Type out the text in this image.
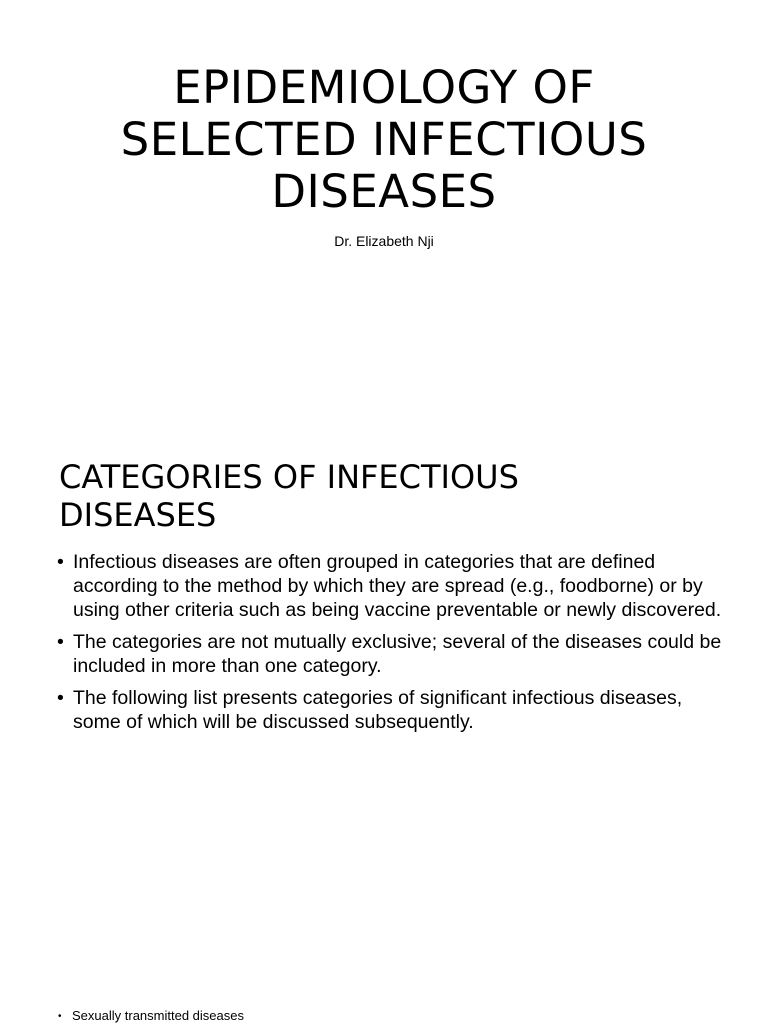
EPIDEMIOLOGY OF SELECTED INFECTIOUS DISEASES
Dr. Elizabeth Nji
CATEGORIES OF INFECTIOUS DISEASES
• Infectious diseases are often grouped in categories that are defined according to the method by which they are spread (e.g., foodborne) or by using other criteria such as being vaccine preventable or newly discovered.
• The categories are not mutually exclusive; several of the diseases could be included in more than one category.
• The following list presents categories of significant infectious diseases, some of which will be discussed subsequently.
• Sexually transmitted diseases
